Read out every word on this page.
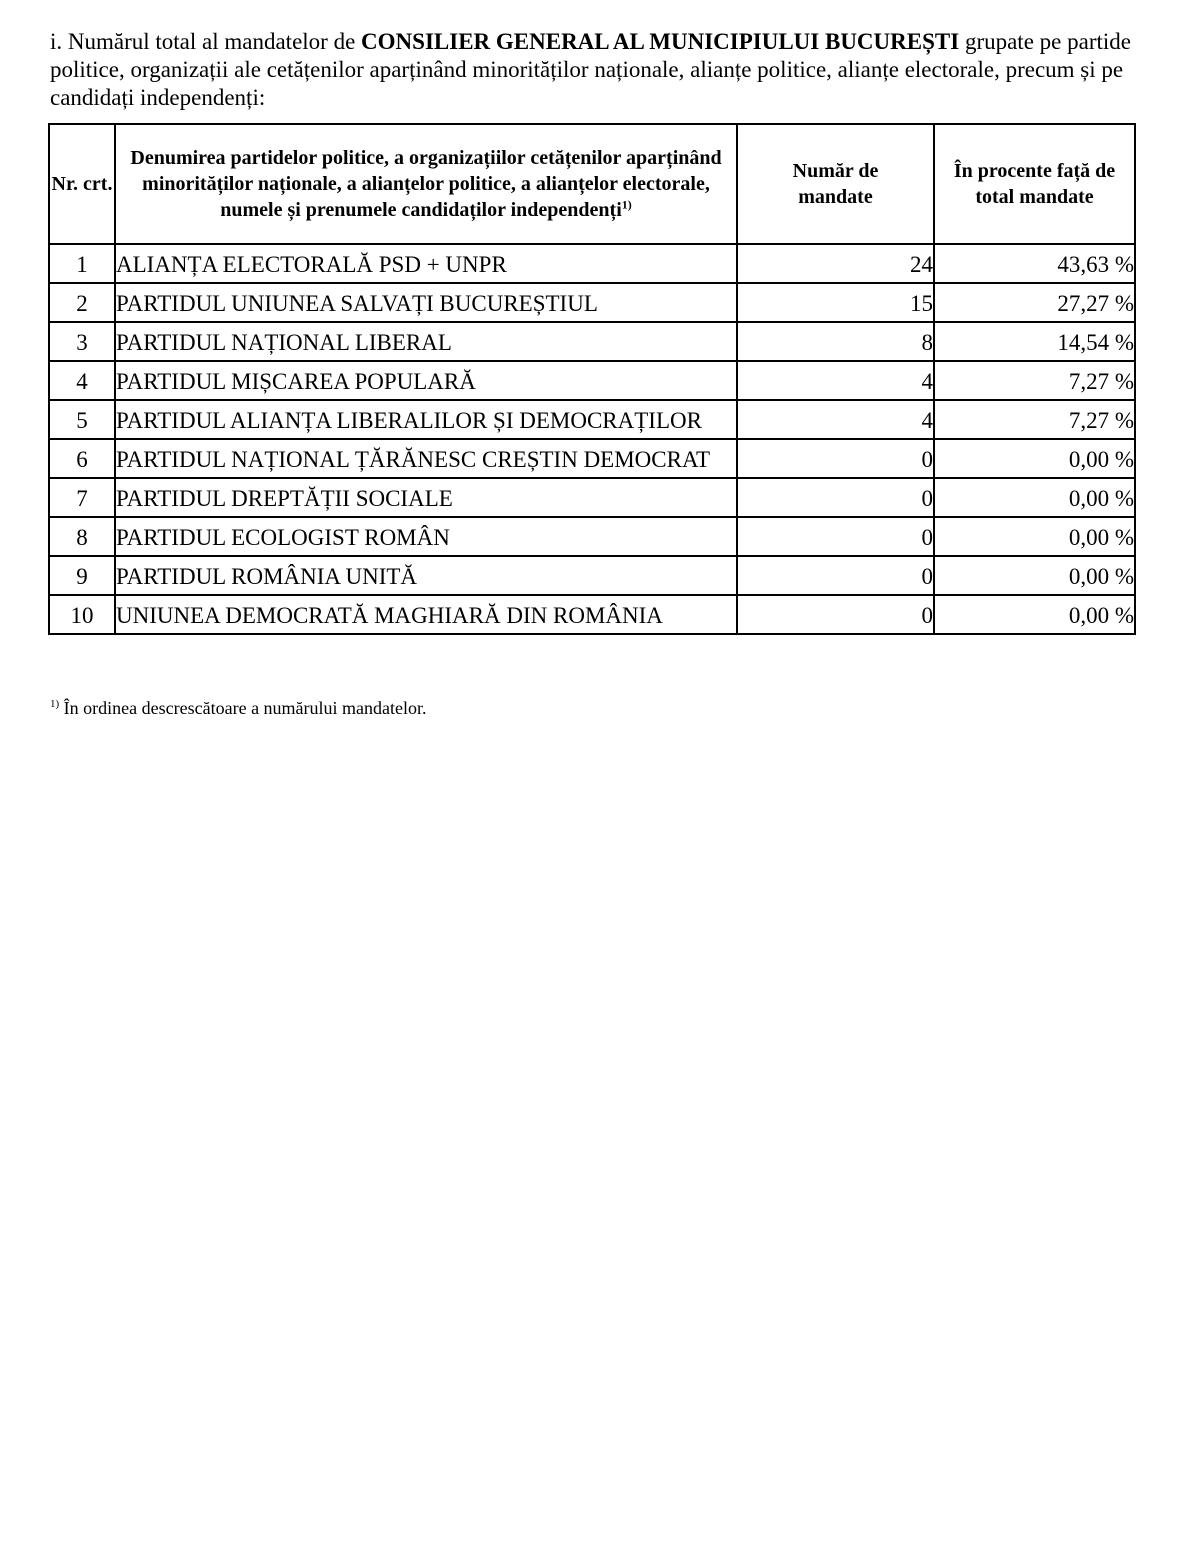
i. Numărul total al mandatelor de CONSILIER GENERAL AL MUNICIPIULUI BUCUREȘTI grupate pe partide politice, organizații ale cetățenilor aparținând minorităților naționale, alianțe politice, alianțe electorale, precum și pe candidați independenți:
Nr. crt.	Denumirea partidelor politice, a organizațiilor cetățenilor aparținând minorităților naționale, a alianțelor politice, a alianțelor electorale, numele și prenumele candidaților independenți$^{1)}$	Număr de mandate	În procente față de total mandate
1	ALIANȚA ELECTORALĂ PSD + UNPR	24	43,63 %
2	PARTIDUL UNIUNEA SALVAȚI BUCUREȘTIUL	15	27,27 %
3	PARTIDUL NAȚIONAL LIBERAL	8	14,54 %
4	PARTIDUL MIȘCAREA POPULARĂ	4	7,27 %
5	PARTIDUL ALIANȚA LIBERALILOR ȘI DEMOCRAȚILOR	4	7,27 %
6	PARTIDUL NAȚIONAL ȚĂRĂNESC CREȘTIN DEMOCRAT	0	0,00 %
7	PARTIDUL DREPTĂȚII SOCIALE	0	0,00 %
8	PARTIDUL ECOLOGIST ROMÂN	0	0,00 %
9	PARTIDUL ROMÂNIA UNITĂ	0	0,00 %
10	UNIUNEA DEMOCRATĂ MAGHIARĂ DIN ROMÂNIA	0	0,00 %
$^{1)}$ În ordinea descrescătoare a numărului mandatelor.
